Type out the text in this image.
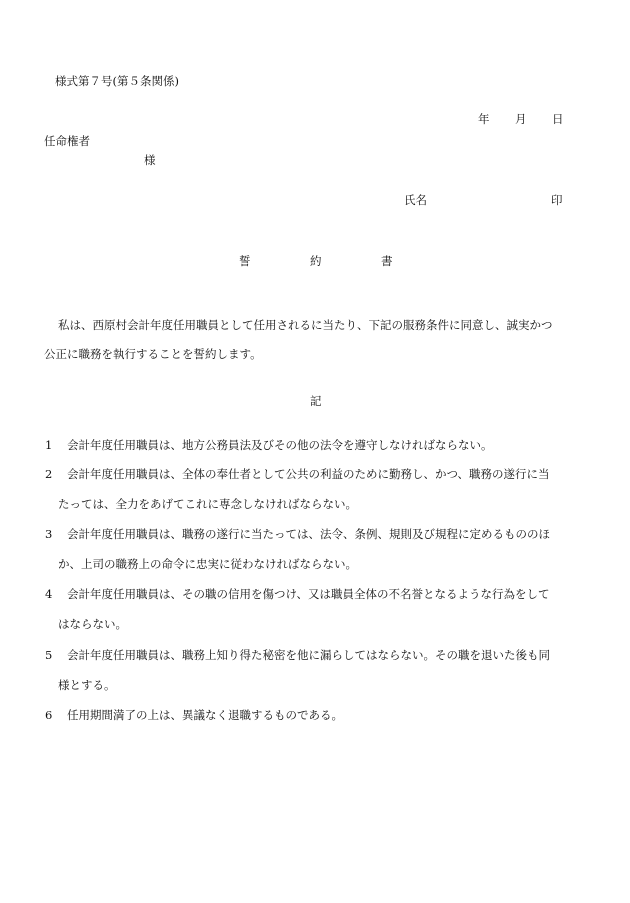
様式第７号(第５条関係)
年	月	日
任命権者
様
氏名	印
誓	約	書
私は、西原村会計年度任用職員として任用されるに当たり、下記の服務条件に同意し、誠実かつ
公正に職務を執行することを誓約します。
記
1 会計年度任用職員は、地方公務員法及びその他の法令を遵守しなければならない。
2 会計年度任用職員は、全体の奉仕者として公共の利益のために勤務し、かつ、職務の遂行に当
たっては、全力をあげてこれに専念しなければならない。
3 会計年度任用職員は、職務の遂行に当たっては、法令、条例、規則及び規程に定めるもののほ
か、上司の職務上の命令に忠実に従わなければならない。
4 会計年度任用職員は、その職の信用を傷つけ、又は職員全体の不名誉となるような行為をして
はならない。
5 会計年度任用職員は、職務上知り得た秘密を他に漏らしてはならない。その職を退いた後も同
様とする。
6 任用期間満了の上は、異議なく退職するものである。
